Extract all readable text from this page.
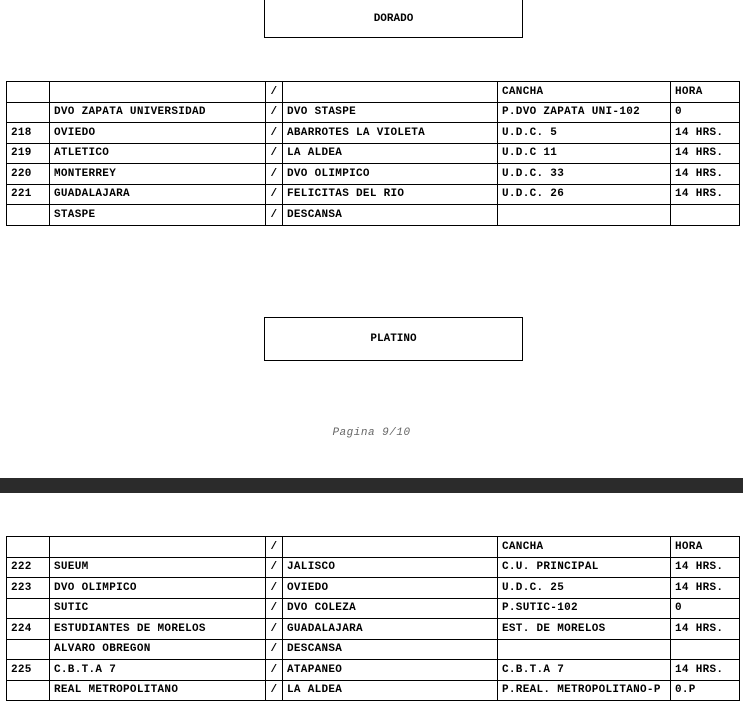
DORADO
		/		CANCHA	HORA
	DVO ZAPATA UNIVERSIDAD	/	DVO STASPE	P.DVO ZAPATA UNI-102	0
218	OVIEDO	/	ABARROTES LA VIOLETA	U.D.C. 5	14 HRS.
219	ATLETICO	/	LA ALDEA	U.D.C 11	14 HRS.
220	MONTERREY	/	DVO OLIMPICO	U.D.C. 33	14 HRS.
221	GUADALAJARA	/	FELICITAS DEL RIO	U.D.C. 26	14 HRS.
	STASPE	/	DESCANSA		
PLATINO
Pagina 9/10
		/		CANCHA	HORA
222	SUEUM	/	JALISCO	C.U. PRINCIPAL	14 HRS.
223	DVO OLIMPICO	/	OVIEDO	U.D.C. 25	14 HRS.
	SUTIC	/	DVO COLEZA	P.SUTIC-102	0
224	ESTUDIANTES DE MORELOS	/	GUADALAJARA	EST. DE MORELOS	14 HRS.
	ALVARO OBREGON	/	DESCANSA		
225	C.B.T.A 7	/	ATAPANEO	C.B.T.A 7	14 HRS.
	REAL METROPOLITANO	/	LA ALDEA	P.REAL. METROPOLITANO-P	0.P
